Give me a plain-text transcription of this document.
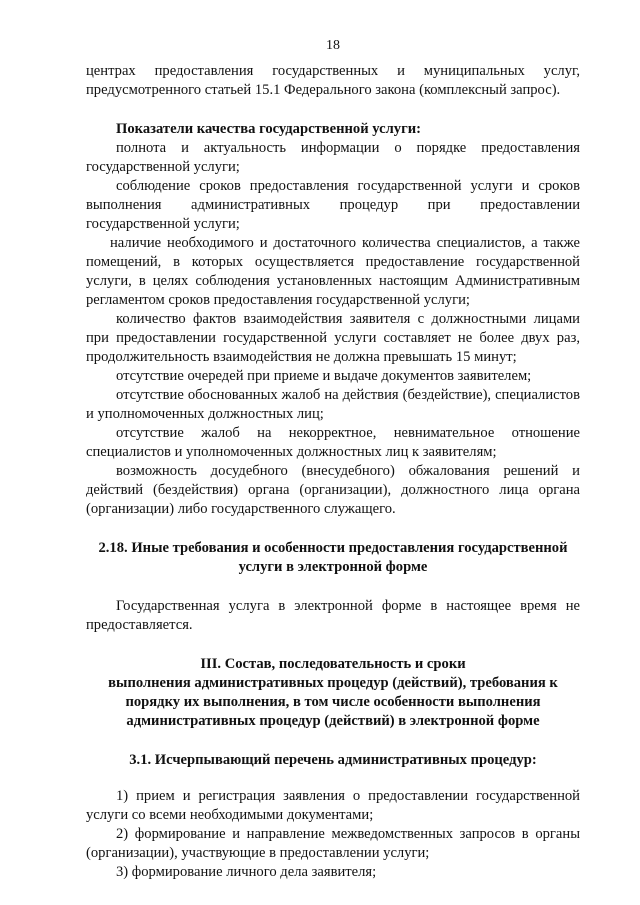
18

центрах предоставления государственных и муниципальных услуг, предусмотренного статьей 15.1 Федерального закона (комплексный запрос).

Показатели качества государственной услуги:

полнота и актуальность информации о порядке предоставления государственной услуги;

соблюдение сроков предоставления государственной услуги и сроков выполнения административных процедур при предоставлении государственной услуги;

наличие необходимого и достаточного количества специалистов, а также помещений, в которых осуществляется предоставление государственной услуги, в целях соблюдения установленных настоящим Административным регламентом сроков предоставления государственной услуги;

количество фактов взаимодействия заявителя с должностными лицами при предоставлении государственной услуги составляет не более двух раз, продолжительность взаимодействия не должна превышать 15 минут;

отсутствие очередей при приеме и выдаче документов заявителем;

отсутствие обоснованных жалоб на действия (бездействие), специалистов и уполномоченных должностных лиц;

отсутствие жалоб на некорректное, невнимательное отношение специалистов и уполномоченных должностных лиц к заявителям;

возможность досудебного (внесудебного) обжалования решений и действий (бездействия) органа (организации), должностного лица органа (организации) либо государственного служащего.

2.18. Иные требования и особенности предоставления государственной услуги в электронной форме

Государственная услуга в электронной форме в настоящее время не предоставляется.

III. Состав, последовательность и сроки

выполнения административных процедур (действий), требования к порядку их выполнения, в том числе особенности выполнения административных процедур (действий) в электронной форме

3.1. Исчерпывающий перечень административных процедур:

1) прием и регистрация заявления о предоставлении государственной услуги со всеми необходимыми документами;

2) формирование и направление межведомственных запросов в органы (организации), участвующие в предоставлении услуги;

3) формирование личного дела заявителя;
